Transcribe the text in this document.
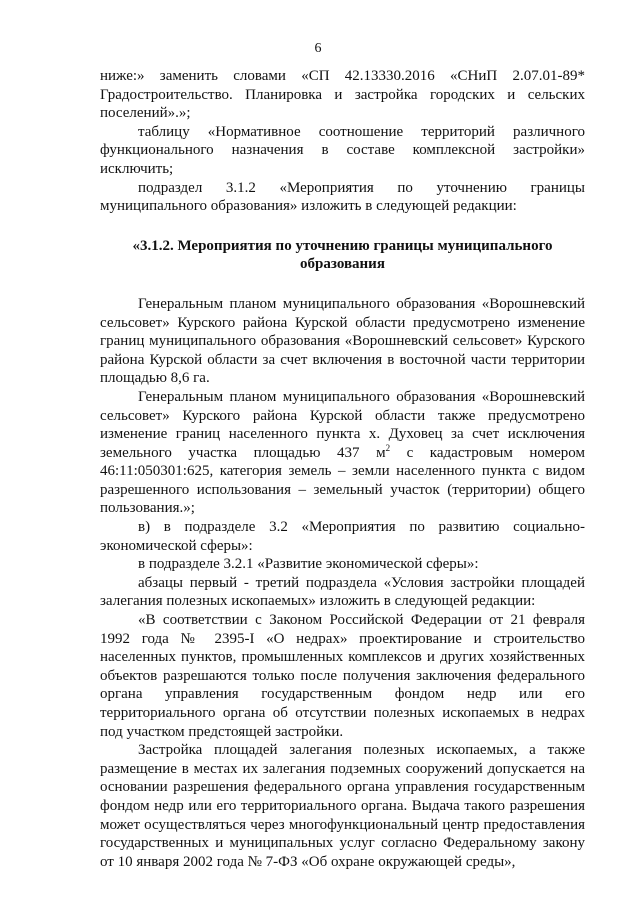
6

ниже:» заменить словами «СП 42.13330.2016 «СНиП 2.07.01-89* Градостроительство. Планировка и застройка городских и сельских поселений».»;

таблицу «Нормативное соотношение территорий различного функционального назначения в составе комплексной застройки» исключить;

подраздел 3.1.2 «Мероприятия по уточнению границы муниципального образования» изложить в следующей редакции:

«3.1.2. Мероприятия по уточнению границы муниципального образования

Генеральным планом муниципального образования «Ворошневский сельсовет» Курского района Курской области предусмотрено изменение границ муниципального образования «Ворошневский сельсовет» Курского района Курской области за счет включения в восточной части территории площадью 8,6 га.

Генеральным планом муниципального образования «Ворошневский сельсовет» Курского района Курской области также предусмотрено изменение границ населенного пункта х. Духовец за счет исключения земельного участка площадью 437 $м^2$ с кадастровым номером 46:11:050301:625, категория земель – земли населенного пункта с видом разрешенного использования – земельный участок (территории) общего пользования.»;

в) в подразделе 3.2 «Мероприятия по развитию социально-экономической сферы»:

в подразделе 3.2.1 «Развитие экономической сферы»:

абзацы первый - третий подраздела «Условия застройки площадей залегания полезных ископаемых» изложить в следующей редакции:

«В соответствии с Законом Российской Федерации от 21 февраля 1992 года № 2395-I «О недрах» проектирование и строительство населенных пунктов, промышленных комплексов и других хозяйственных объектов разрешаются только после получения заключения федерального органа управления государственным фондом недр или его территориального органа об отсутствии полезных ископаемых в недрах под участком предстоящей застройки.

Застройка площадей залегания полезных ископаемых, а также размещение в местах их залегания подземных сооружений допускается на основании разрешения федерального органа управления государственным фондом недр или его территориального органа. Выдача такого разрешения может осуществляться через многофункциональный центр предоставления государственных и муниципальных услуг согласно Федеральному закону от 10 января 2002 года № 7-ФЗ «Об охране окружающей среды»,
